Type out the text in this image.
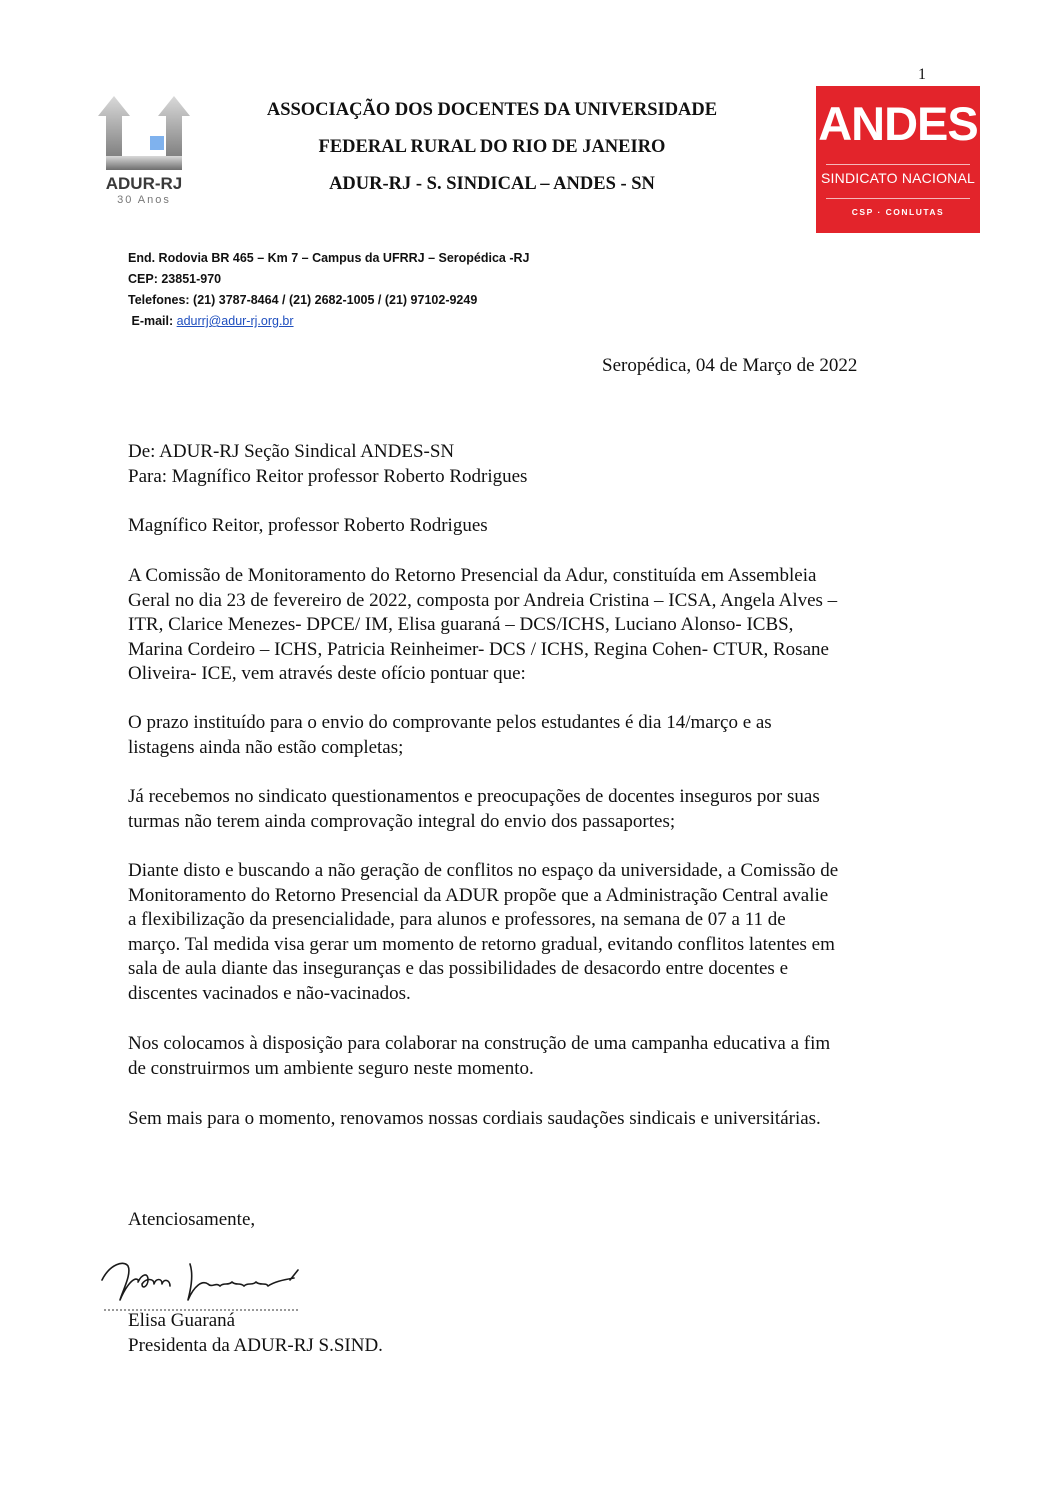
1
ADUR-RJ
30 Anos
ASSOCIAÇÃO DOS DOCENTES DA UNIVERSIDADE
FEDERAL RURAL DO RIO DE JANEIRO
ADUR-RJ - S. SINDICAL – ANDES - SN
ANDES
SINDICATO NACIONAL
CSP · CONLUTAS
End. Rodovia BR 465 – Km 7 – Campus da UFRRJ – Seropédica -RJ
CEP: 23851-970
Telefones: (21) 3787-8464 / (21) 2682-1005 / (21) 97102-9249
E-mail: adurrj@adur-rj.org.br
Seropédica, 04 de Março de 2022
De: ADUR-RJ Seção Sindical ANDES-SN
Para: Magnífico Reitor professor Roberto Rodrigues
Magnífico Reitor, professor Roberto Rodrigues
A Comissão de Monitoramento do Retorno Presencial da Adur, constituída em Assembleia
Geral no dia 23 de fevereiro de 2022, composta por Andreia Cristina – ICSA, Angela Alves –
ITR, Clarice Menezes- DPCE/ IM, Elisa guaraná – DCS/ICHS, Luciano Alonso- ICBS,
Marina Cordeiro – ICHS, Patricia Reinheimer- DCS / ICHS, Regina Cohen- CTUR, Rosane
Oliveira- ICE, vem através deste ofício pontuar que:
O prazo instituído para o envio do comprovante pelos estudantes é dia 14/março e as
listagens ainda não estão completas;
Já recebemos no sindicato questionamentos e preocupações de docentes inseguros por suas
turmas não terem ainda comprovação integral do envio dos passaportes;
Diante disto e buscando a não geração de conflitos no espaço da universidade, a Comissão de
Monitoramento do Retorno Presencial da ADUR propõe que a Administração Central avalie
a flexibilização da presencialidade, para alunos e professores, na semana de 07 a 11 de
março. Tal medida visa gerar um momento de retorno gradual, evitando conflitos latentes em
sala de aula diante das inseguranças e das possibilidades de desacordo entre docentes e
discentes vacinados e não-vacinados.
Nos colocamos à disposição para colaborar na construção de uma campanha educativa a fim
de construirmos um ambiente seguro neste momento.
Sem mais para o momento, renovamos nossas cordiais saudações sindicais e universitárias.
Atenciosamente,
Elisa Guaraná
Presidenta da ADUR-RJ S.SIND.
